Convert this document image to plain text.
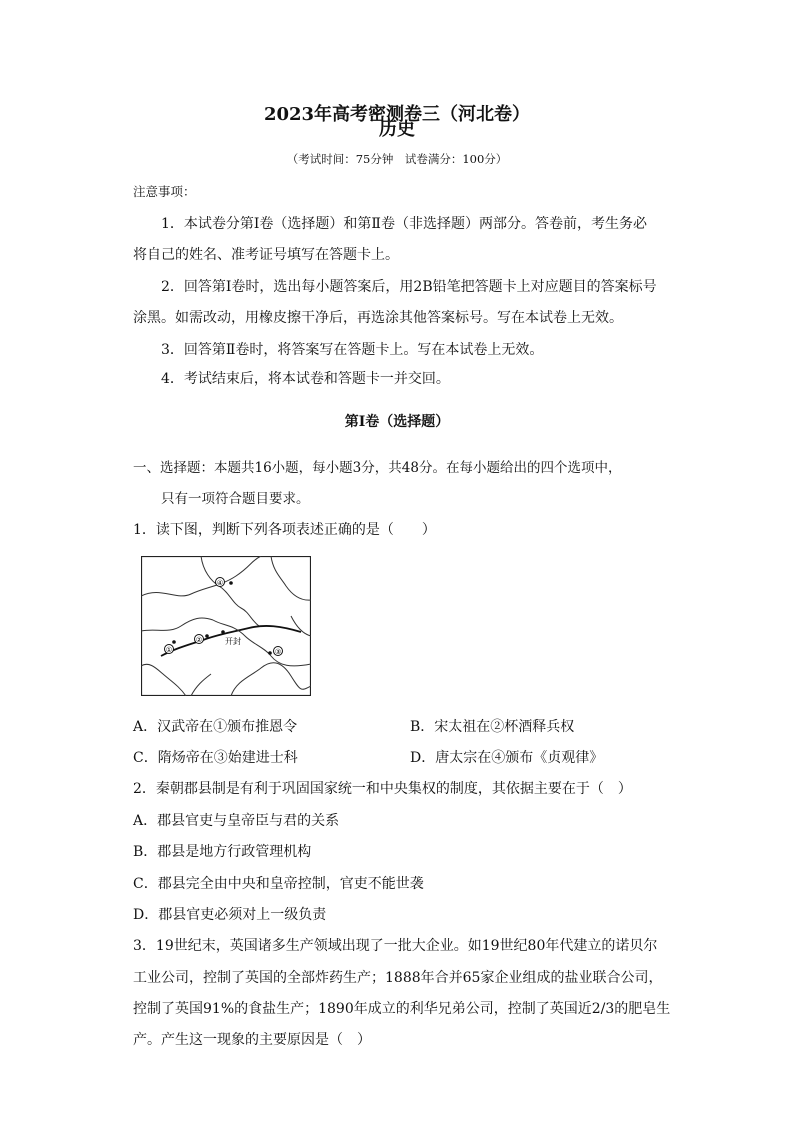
2023年高考密测卷三（河北卷）
历史
（考试时间：75分钟　试卷满分：100分）
注意事项：
1．本试卷分第Ⅰ卷（选择题）和第Ⅱ卷（非选择题）两部分。答卷前，考生务必
将自己的姓名、准考证号填写在答题卡上。
2．回答第Ⅰ卷时，选出每小题答案后，用2B铅笔把答题卡上对应题目的答案标号
涂黑。如需改动，用橡皮擦干净后，再选涂其他答案标号。写在本试卷上无效。
3．回答第Ⅱ卷时，将答案写在答题卡上。写在本试卷上无效。
4．考试结束后，将本试卷和答题卡一并交回。
第Ⅰ卷（选择题）
一、选择题：本题共16小题，每小题3分，共48分。在每小题给出的四个选项中，
只有一项符合题目要求。
1．读下图，判断下列各项表述正确的是（　　）
④
①
②	开封
③
A．汉武帝在①颁布推恩令	B．宋太祖在②杯酒释兵权
C．隋炀帝在③始建进士科	D．唐太宗在④颁布《贞观律》
2．秦朝郡县制是有利于巩固国家统一和中央集权的制度，其依据主要在于（　）
A．郡县官吏与皇帝臣与君的关系
B．郡县是地方行政管理机构
C．郡县完全由中央和皇帝控制，官吏不能世袭
D．郡县官吏必须对上一级负责
3．19世纪末，英国诸多生产领域出现了一批大企业。如19世纪80年代建立的诺贝尔
工业公司，控制了英国的全部炸药生产；1888年合并65家企业组成的盐业联合公司，
控制了英国91%的食盐生产；1890年成立的利华兄弟公司，控制了英国近2/3的肥皂生
产。产生这一现象的主要原因是（　）
